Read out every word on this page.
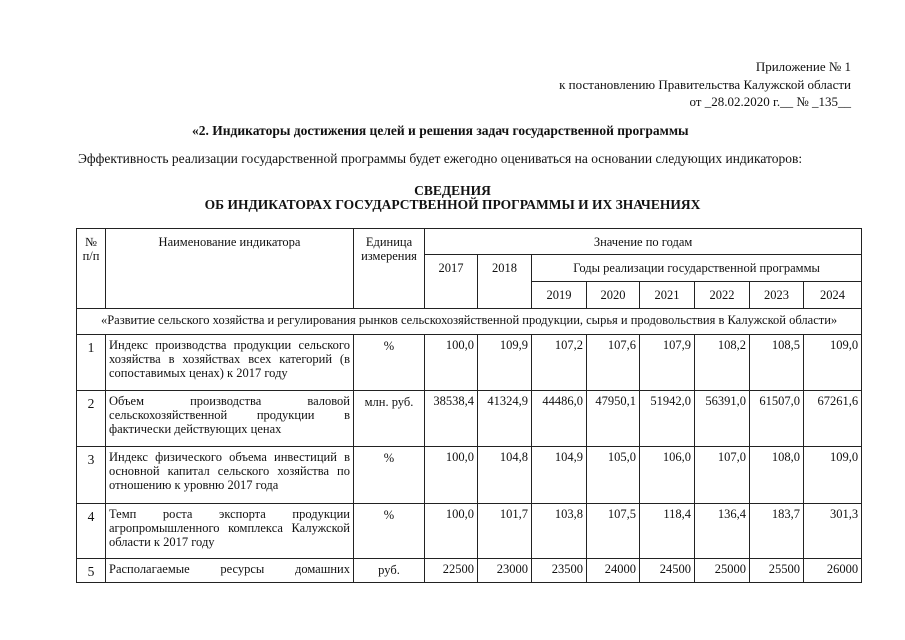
Приложение № 1
к постановлению Правительства Калужской области
от _28.02.2020 г.__ № _135__
«2. Индикаторы достижения целей и решения задач государственной программы
Эффективность реализации государственной программы будет ежегодно оцениваться на основании следующих индикаторов:
СВЕДЕНИЯ
ОБ ИНДИКАТОРАХ ГОСУДАРСТВЕННОЙ ПРОГРАММЫ И ИХ ЗНАЧЕНИЯХ
№ п/п	Наименование индикатора	Единица измерения	Значение по годам							
			2017	2018	Годы реализации государственной программы					
					2019	2020	2021	2022	2023	2024
«Развитие сельского хозяйства и регулирования рынков сельскохозяйственной продукции, сырья и продовольствия в Калужской области»										
1	Индекс производства продукции сельского хозяйства в хозяйствах всех категорий (в сопоставимых ценах) к 2017 году	%	100,0	109,9	107,2	107,6	107,9	108,2	108,5	109,0
2	Объем производства валовой сельскохозяйственной продукции в фактически действующих ценах	млн. руб.	38538,4	41324,9	44486,0	47950,1	51942,0	56391,0	61507,0	67261,6
3	Индекс физического объема инвестиций в основной капитал сельского хозяйства по отношению к уровню 2017 года	%	100,0	104,8	104,9	105,0	106,0	107,0	108,0	109,0
4	Темп роста экспорта продукции агропромышленного комплекса Калужской области к 2017 году	%	100,0	101,7	103,8	107,5	118,4	136,4	183,7	301,3
5	Располагаемые ресурсы домашних	руб.	22500	23000	23500	24000	24500	25000	25500	26000
